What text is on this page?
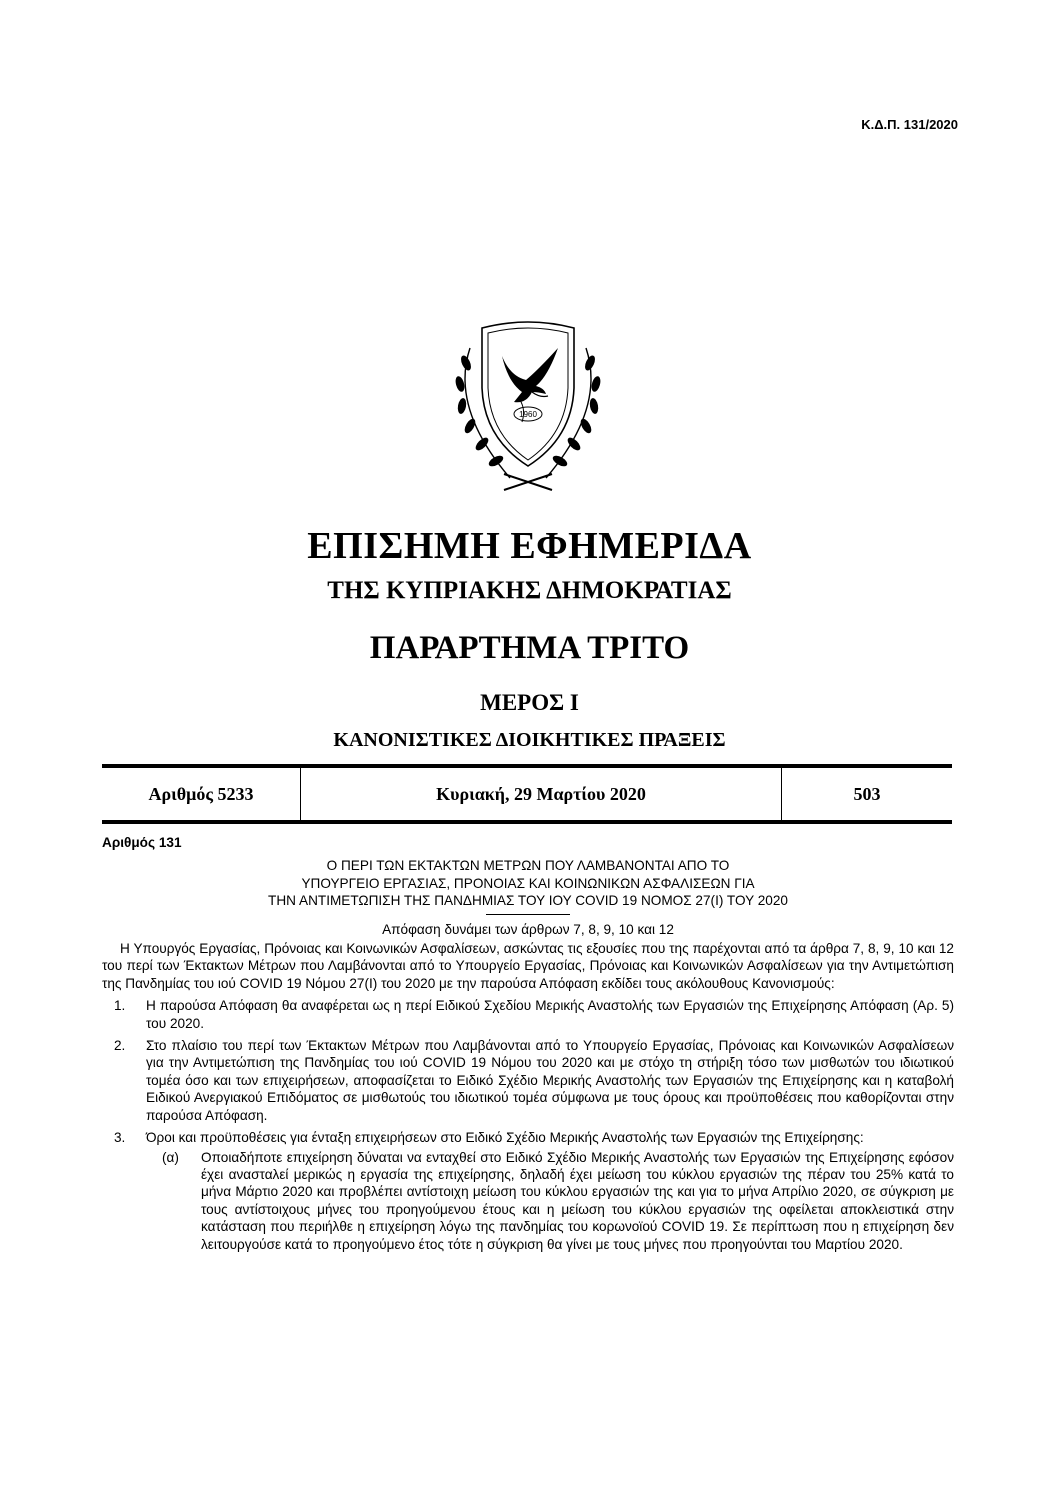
Κ.Δ.Π. 131/2020
1960
ΕΠΙΣΗΜΗ ΕΦΗΜΕΡΙΔΑ
ΤΗΣ ΚΥΠΡΙΑΚΗΣ ΔΗΜΟΚΡΑΤΙΑΣ
ΠΑΡΑΡΤΗΜΑ ΤΡΙΤΟ
ΜΕΡΟΣ Ι
ΚΑΝΟΝΙΣΤΙΚΕΣ ΔΙΟΙΚΗΤΙΚΕΣ ΠΡΑΞΕΙΣ
Αριθμός 5233	Κυριακή, 29 Μαρτίου 2020	503
Αριθμός 131
Ο ΠΕΡΙ ΤΩΝ ΕΚΤΑΚΤΩΝ ΜΕΤΡΩΝ ΠΟΥ ΛΑΜΒΑΝΟΝΤΑΙ ΑΠΟ ΤΟ
ΥΠΟΥΡΓΕΙΟ ΕΡΓΑΣΙΑΣ, ΠΡΟΝΟΙΑΣ ΚΑΙ ΚΟΙΝΩΝΙΚΩΝ ΑΣΦΑΛΙΣΕΩΝ ΓΙΑ
ΤΗΝ ΑΝΤΙΜΕΤΩΠΙΣΗ ΤΗΣ ΠΑΝΔΗΜΙΑΣ ΤΟΥ ΙΟΥ COVID 19 ΝΟΜΟΣ 27(Ι) ΤΟΥ 2020
Απόφαση δυνάμει των άρθρων 7, 8, 9, 10 και 12

Η Υπουργός Εργασίας, Πρόνοιας και Κοινωνικών Ασφαλίσεων, ασκώντας τις εξουσίες που της παρέχονται από τα άρθρα 7, 8, 9, 10 και 12 του περί των Έκτακτων Μέτρων που Λαμβάνονται από το Υπουργείο Εργασίας, Πρόνοιας και Κοινωνικών Ασφαλίσεων για την Αντιμετώπιση της Πανδημίας του ιού COVID 19 Νόμου 27(Ι) του 2020 με την παρούσα Απόφαση εκδίδει τους ακόλουθους Κανονισμούς:

1.	Η παρούσα Απόφαση θα αναφέρεται ως η περί Ειδικού Σχεδίου Μερικής Αναστολής των Εργασιών της Επιχείρησης Απόφαση (Αρ. 5) του 2020.
2.	Στο πλαίσιο του περί των Έκτακτων Μέτρων που Λαμβάνονται από το Υπουργείο Εργασίας, Πρόνοιας και Κοινωνικών Ασφαλίσεων για την Αντιμετώπιση της Πανδημίας του ιού COVID 19 Νόμου του 2020 και με στόχο τη στήριξη τόσο των μισθωτών του ιδιωτικού τομέα όσο και των επιχειρήσεων, αποφασίζεται το Ειδικό Σχέδιο Μερικής Αναστολής των Εργασιών της Επιχείρησης και η καταβολή Ειδικού Ανεργιακού Επιδόματος σε μισθωτούς του ιδιωτικού τομέα σύμφωνα με τους όρους και προϋποθέσεις που καθορίζονται στην παρούσα Απόφαση.
3.	Όροι και προϋποθέσεις για ένταξη επιχειρήσεων στο Ειδικό Σχέδιο Μερικής Αναστολής των Εργασιών της Επιχείρησης:
(α)	Οποιαδήποτε επιχείρηση δύναται να ενταχθεί στο Ειδικό Σχέδιο Μερικής Αναστολής των Εργασιών της Επιχείρησης εφόσον έχει ανασταλεί μερικώς η εργασία της επιχείρησης, δηλαδή έχει μείωση του κύκλου εργασιών της πέραν του 25% κατά το μήνα Μάρτιο 2020 και προβλέπει αντίστοιχη μείωση του κύκλου εργασιών της και για το μήνα Απρίλιο 2020, σε σύγκριση με τους αντίστοιχους μήνες του προηγούμενου έτους και η μείωση του κύκλου εργασιών της οφείλεται αποκλειστικά στην κατάσταση που περιήλθε η επιχείρηση λόγω της πανδημίας του κορωνοϊού COVID 19. Σε περίπτωση που η επιχείρηση δεν λειτουργούσε κατά το προηγούμενο έτος τότε η σύγκριση θα γίνει με τους μήνες που προηγούνται του Μαρτίου 2020.
